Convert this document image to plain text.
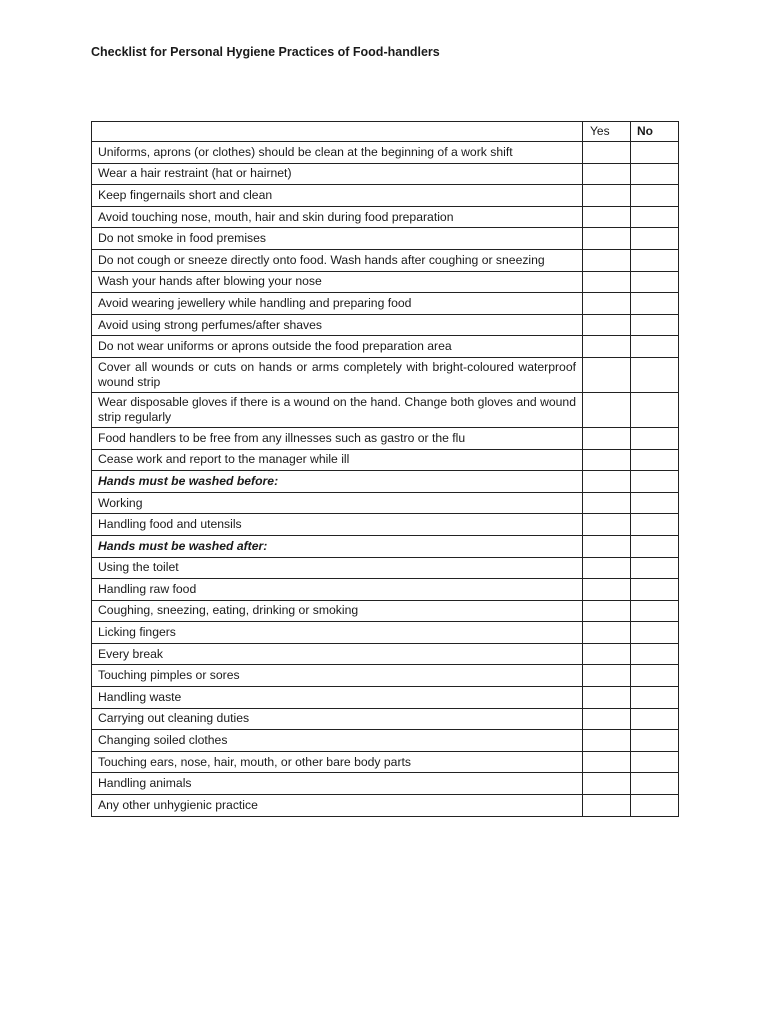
Checklist for Personal Hygiene Practices of Food-handlers
	Yes	No
Uniforms, aprons (or clothes) should be clean at the beginning of a work shift		
Wear a hair restraint (hat or hairnet)		
Keep fingernails short and clean		
Avoid touching nose, mouth, hair and skin during food preparation		
Do not smoke in food premises		
Do not cough or sneeze directly onto food. Wash hands after coughing or sneezing		
Wash your hands after blowing your nose		
Avoid wearing jewellery while handling and preparing food		
Avoid using strong perfumes/after shaves		
Do not wear uniforms or aprons outside the food preparation area		
Cover all wounds or cuts on hands or arms completely with bright-coloured waterproof wound strip		
Wear disposable gloves if there is a wound on the hand. Change both gloves and wound strip regularly		
Food handlers to be free from any illnesses such as gastro or the flu		
Cease work and report to the manager while ill		
Hands must be washed before:		
Working		
Handling food and utensils		
Hands must be washed after:		
Using the toilet		
Handling raw food		
Coughing, sneezing, eating, drinking or smoking		
Licking fingers		
Every break		
Touching pimples or sores		
Handling waste		
Carrying out cleaning duties		
Changing soiled clothes		
Touching ears, nose, hair, mouth, or other bare body parts		
Handling animals		
Any other unhygienic practice		
